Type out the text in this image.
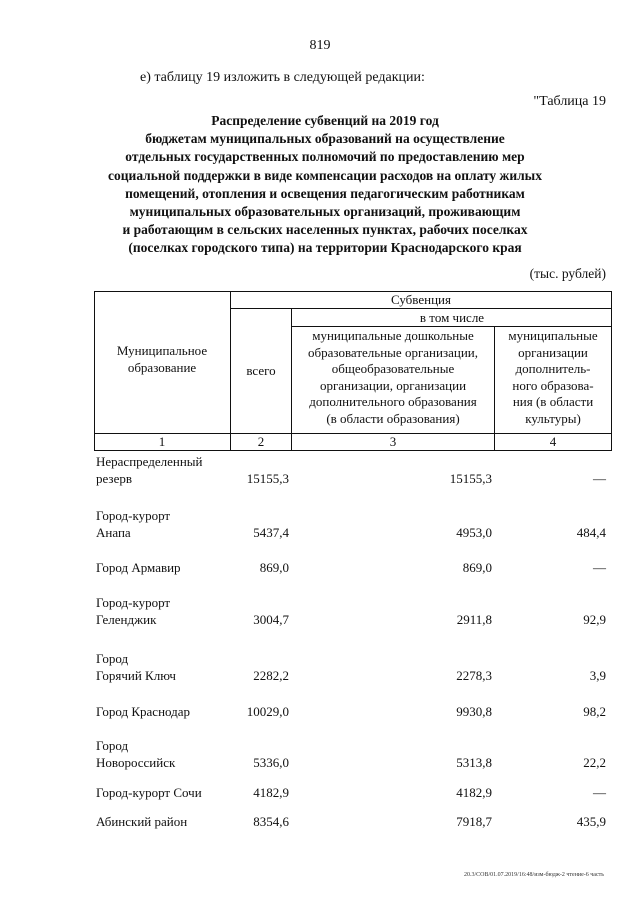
819
е) таблицу 19 изложить в следующей редакции:
"Таблица 19
Распределение субвенций на 2019 год
бюджетам муниципальных образований на осуществление
отдельных государственных полномочий по предоставлению мер
социальной поддержки в виде компенсации расходов на оплату жилых
помещений, отопления и освещения педагогическим работникам
муниципальных образовательных организаций, проживающим
и работающим в сельских населенных пунктах, рабочих поселках
(поселках городского типа) на территории Краснодарского края
(тыс. рублей)
Муниципальное
образование
Субвенция
всего
в том числе
муниципальные дошкольные
образовательные организации,
общеобразовательные
организации, организации
дополнительного образования
(в области образования)
муниципальные
организации
дополнитель-
ного образова-
ния (в области
культуры)
1	2	3	4
Нераспределенный
резерв	15155,3	15155,3	—
Город-курорт
Анапа	5437,4	4953,0	484,4
Город Армавир	869,0	869,0	—
Город-курорт
Геленджик	3004,7	2911,8	92,9
Город
Горячий Ключ	2282,2	2278,3	3,9
Город Краснодар	10029,0	9930,8	98,2
Город
Новороссийск	5336,0	5313,8	22,2
Город-курорт Сочи	4182,9	4182,9	—
Абинский район	8354,6	7918,7	435,9
20.3/СОВ/01.07.2019/16:48/изм-бюдж-2 чтение-6 часть
